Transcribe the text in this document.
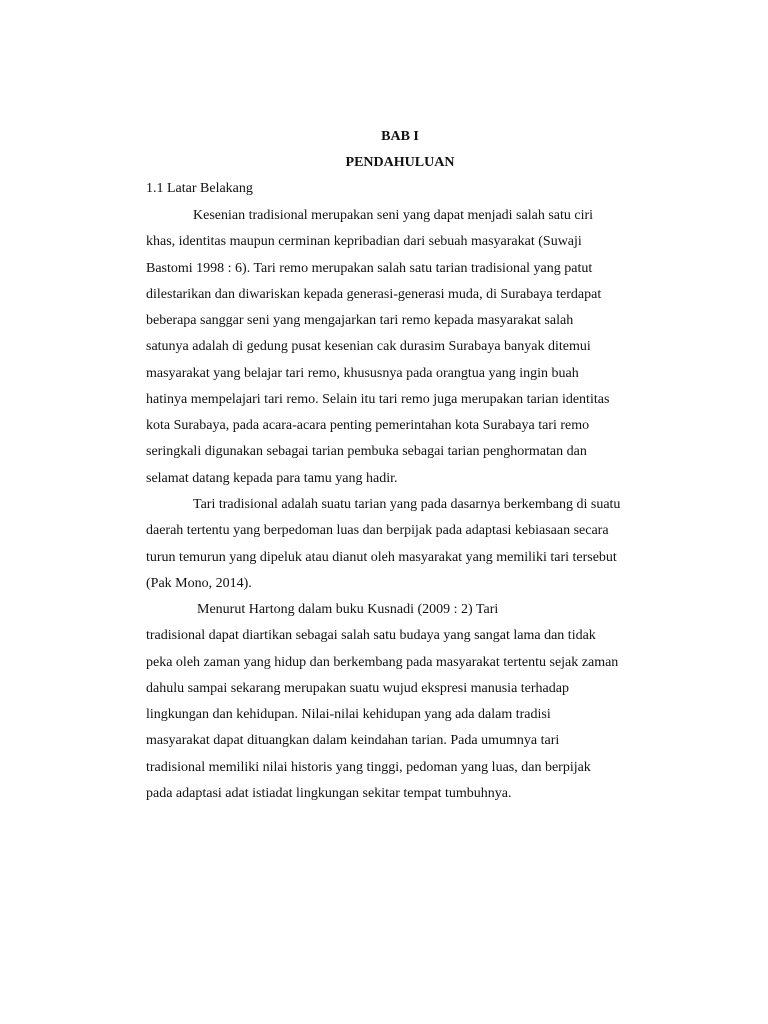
BAB I
PENDAHULUAN
1.1 Latar Belakang
Kesenian tradisional merupakan seni yang dapat menjadi salah satu ciri
khas, identitas maupun cerminan kepribadian dari sebuah masyarakat (Suwaji
Bastomi 1998 : 6). Tari remo merupakan salah satu tarian tradisional yang patut
dilestarikan dan diwariskan kepada generasi-generasi muda, di Surabaya terdapat
beberapa sanggar seni yang mengajarkan tari remo kepada masyarakat salah
satunya adalah di gedung pusat kesenian cak durasim Surabaya banyak ditemui
masyarakat yang belajar tari remo, khususnya pada orangtua yang ingin buah
hatinya mempelajari tari remo. Selain itu tari remo juga merupakan tarian identitas
kota Surabaya, pada acara-acara penting pemerintahan kota Surabaya tari remo
seringkali digunakan sebagai tarian pembuka sebagai tarian penghormatan dan
selamat datang kepada para tamu yang hadir.
Tari tradisional adalah suatu tarian yang pada dasarnya berkembang di suatu
daerah tertentu yang berpedoman luas dan berpijak pada adaptasi kebiasaan secara
turun temurun yang dipeluk atau dianut oleh masyarakat yang memiliki tari tersebut
(Pak Mono, 2014).
Menurut Hartong dalam buku Kusnadi (2009 : 2) Tari
tradisional dapat diartikan sebagai salah satu budaya yang sangat lama dan tidak
peka oleh zaman yang hidup dan berkembang pada masyarakat tertentu sejak zaman
dahulu sampai sekarang merupakan suatu wujud ekspresi manusia terhadap
lingkungan dan kehidupan. Nilai-nilai kehidupan yang ada dalam tradisi
masyarakat dapat dituangkan dalam keindahan tarian. Pada umumnya tari
tradisional memiliki nilai historis yang tinggi, pedoman yang luas, dan berpijak
pada adaptasi adat istiadat lingkungan sekitar tempat tumbuhnya.
